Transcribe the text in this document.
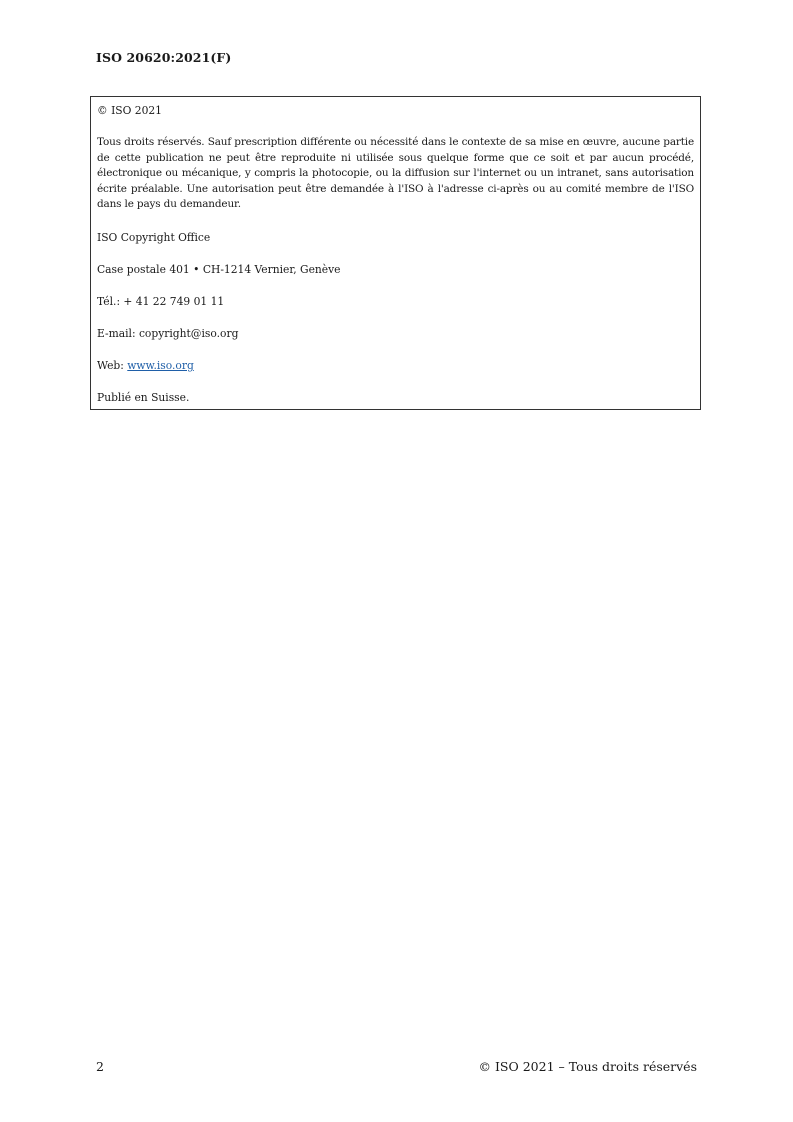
ISO 20620:2021(F)
© ISO 2021
Tous droits réservés. Sauf prescription différente ou nécessité dans le contexte de sa mise en œuvre, aucune partie de cette publication ne peut être reproduite ni utilisée sous quelque forme que ce soit et par aucun procédé, électronique ou mécanique, y compris la photocopie, ou la diffusion sur l'internet ou un intranet, sans autorisation écrite préalable. Une autorisation peut être demandée à l'ISO à l'adresse ci-après ou au comité membre de l'ISO dans le pays du demandeur.
ISO Copyright Office
Case postale 401 • CH-1214 Vernier, Genève
Tél.: + 41 22 749 01 11
E-mail: copyright@iso.org
Web: www.iso.org
Publié en Suisse.
2	© ISO 2021 – Tous droits réservés
